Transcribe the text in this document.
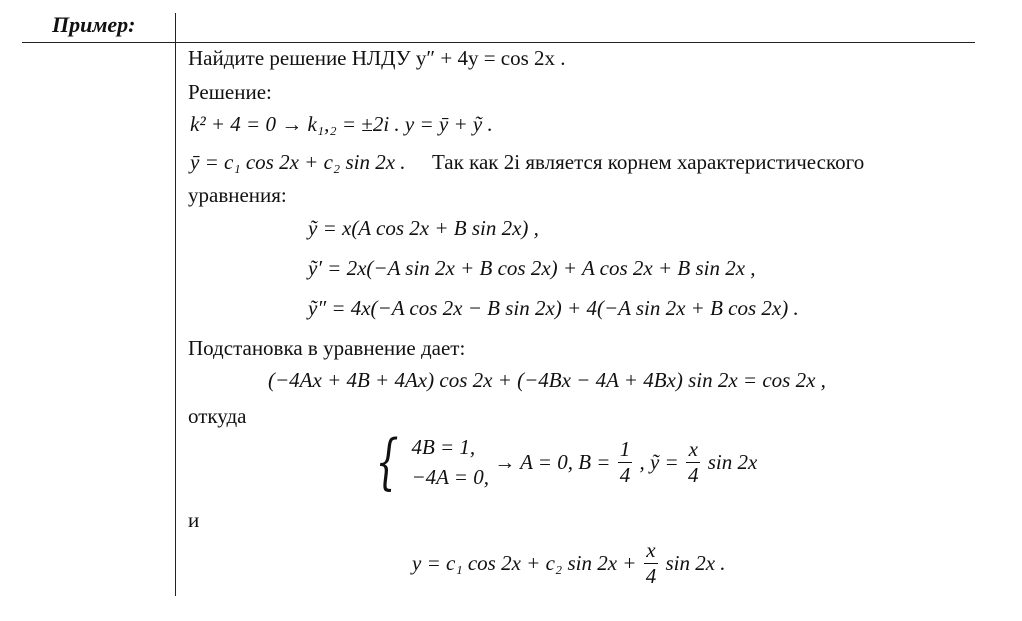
Пример:
Найдите решение НЛДУ y″ + 4y = cos 2x .
Решение:
k² + 4 = 0 → k₁,₂ = ±2i . y = ȳ + ỹ .
ȳ = c₁ cos 2x + c₂ sin 2x . Так как 2i является корнем характеристического
уравнения:
ỹ = x(A cos 2x + B sin 2x) ,
ỹ′ = 2x(−A sin 2x + B cos 2x) + A cos 2x + B sin 2x ,
ỹ″ = 4x(−A cos 2x − B sin 2x) + 4(−A sin 2x + B cos 2x) .
Подстановка в уравнение дает:
(−4Ax + 4B + 4Ax) cos 2x + (−4Bx − 4A + 4Bx) sin 2x = cos 2x ,
откуда
{ 4B = 1,
−4A = 0,
→ A = 0, $B = \frac{1}{4}$ , ỹ = $\frac{x}{4}$ sin 2x
и
y = c₁ cos 2x + c₂ $\sin 2x + \frac{x}{4}$ sin 2x .
